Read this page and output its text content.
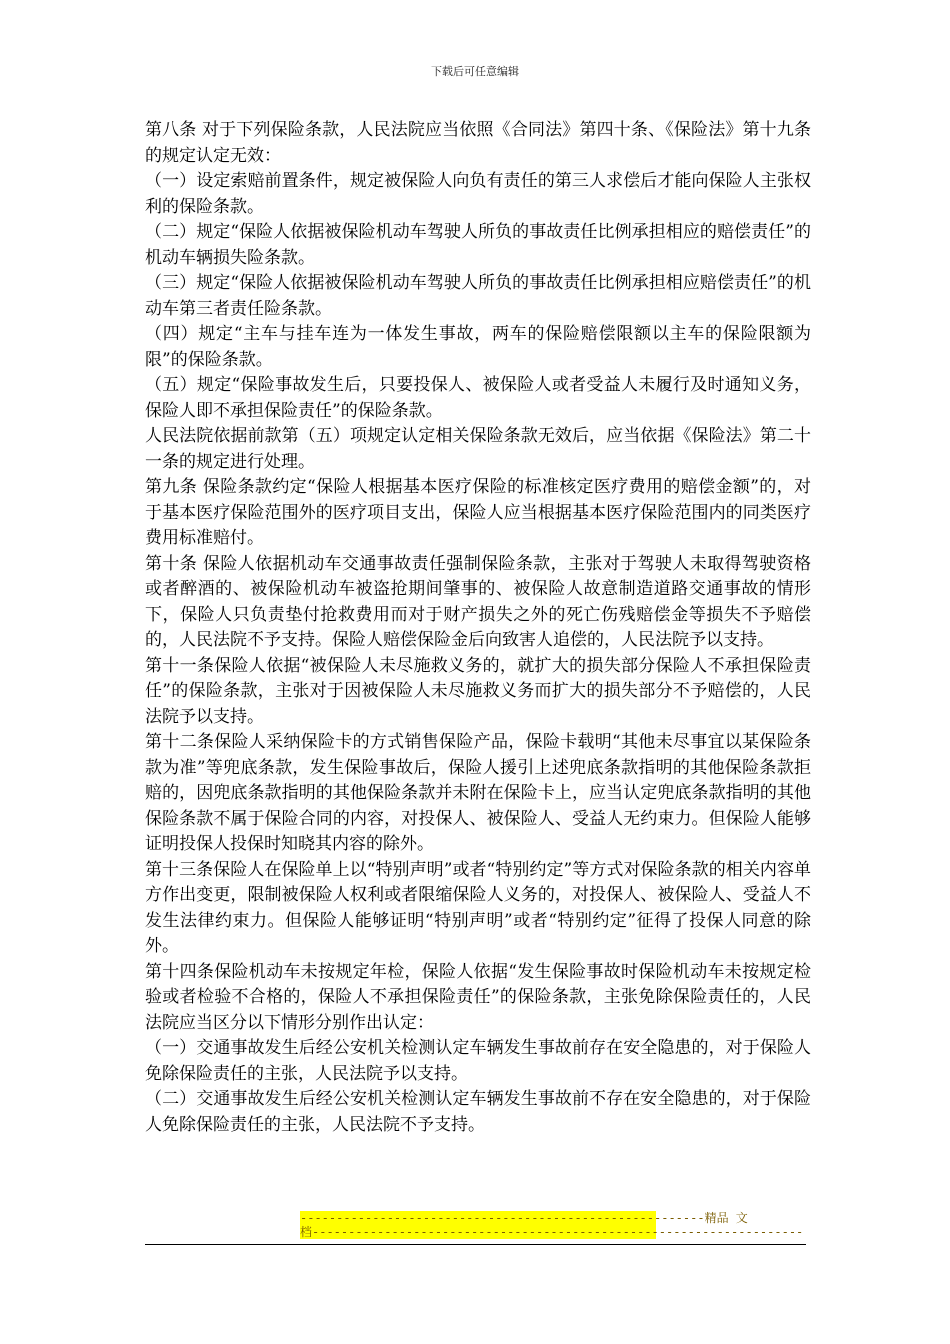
下载后可任意编辑

第八条 对于下列保险条款，人民法院应当依照《合同法》第四十条、《保险法》第十九条的规定认定无效：

（一）设定索赔前置条件，规定被保险人向负有责任的第三人求偿后才能向保险人主张权利的保险条款。

（二）规定“保险人依据被保险机动车驾驶人所负的事故责任比例承担相应的赔偿责任”的机动车辆损失险条款。

（三）规定“保险人依据被保险机动车驾驶人所负的事故责任比例承担相应赔偿责任”的机动车第三者责任险条款。

（四）规定“主车与挂车连为一体发生事故，两车的保险赔偿限额以主车的保险限额为限”的保险条款。

（五）规定“保险事故发生后，只要投保人、被保险人或者受益人未履行及时通知义务，保险人即不承担保险责任”的保险条款。

人民法院依据前款第（五）项规定认定相关保险条款无效后，应当依据《保险法》第二十一条的规定进行处理。

第九条 保险条款约定“保险人根据基本医疗保险的标准核定医疗费用的赔偿金额”的，对于基本医疗保险范围外的医疗项目支出，保险人应当根据基本医疗保险范围内的同类医疗费用标准赔付。

第十条 保险人依据机动车交通事故责任强制保险条款，主张对于驾驶人未取得驾驶资格或者醉酒的、被保险机动车被盗抢期间肇事的、被保险人故意制造道路交通事故的情形下，保险人只负责垫付抢救费用而对于财产损失之外的死亡伤残赔偿金等损失不予赔偿的，人民法院不予支持。保险人赔偿保险金后向致害人追偿的，人民法院予以支持。

第十一条保险人依据“被保险人未尽施救义务的，就扩大的损失部分保险人不承担保险责任”的保险条款，主张对于因被保险人未尽施救义务而扩大的损失部分不予赔偿的，人民法院予以支持。

第十二条保险人采纳保险卡的方式销售保险产品，保险卡载明“其他未尽事宜以某保险条款为准”等兜底条款，发生保险事故后，保险人援引上述兜底条款指明的其他保险条款拒赔的，因兜底条款指明的其他保险条款并未附在保险卡上，应当认定兜底条款指明的其他保险条款不属于保险合同的内容，对投保人、被保险人、受益人无约束力。但保险人能够证明投保人投保时知晓其内容的除外。

第十三条保险人在保险单上以“特别声明”或者“特别约定”等方式对保险条款的相关内容单方作出变更，限制被保险人权利或者限缩保险人义务的，对投保人、被保险人、受益人不发生法律约束力。但保险人能够证明“特别声明”或者“特别约定”征得了投保人同意的除外。

第十四条保险机动车未按规定年检，保险人依据“发生保险事故时保险机动车未按规定检验或者检验不合格的，保险人不承担保险责任”的保险条款，主张免除保险责任的，人民法院应当区分以下情形分别作出认定：

（一）交通事故发生后经公安机关检测认定车辆发生事故前存在安全隐患的，对于保险人免除保险责任的主张，人民法院予以支持。

（二）交通事故发生后经公安机关检测认定车辆发生事故前不存在安全隐患的，对于保险人免除保险责任的主张，人民法院不予支持。

--------------------------------------------------------精品 文
档--------------------------------------------------------------------
